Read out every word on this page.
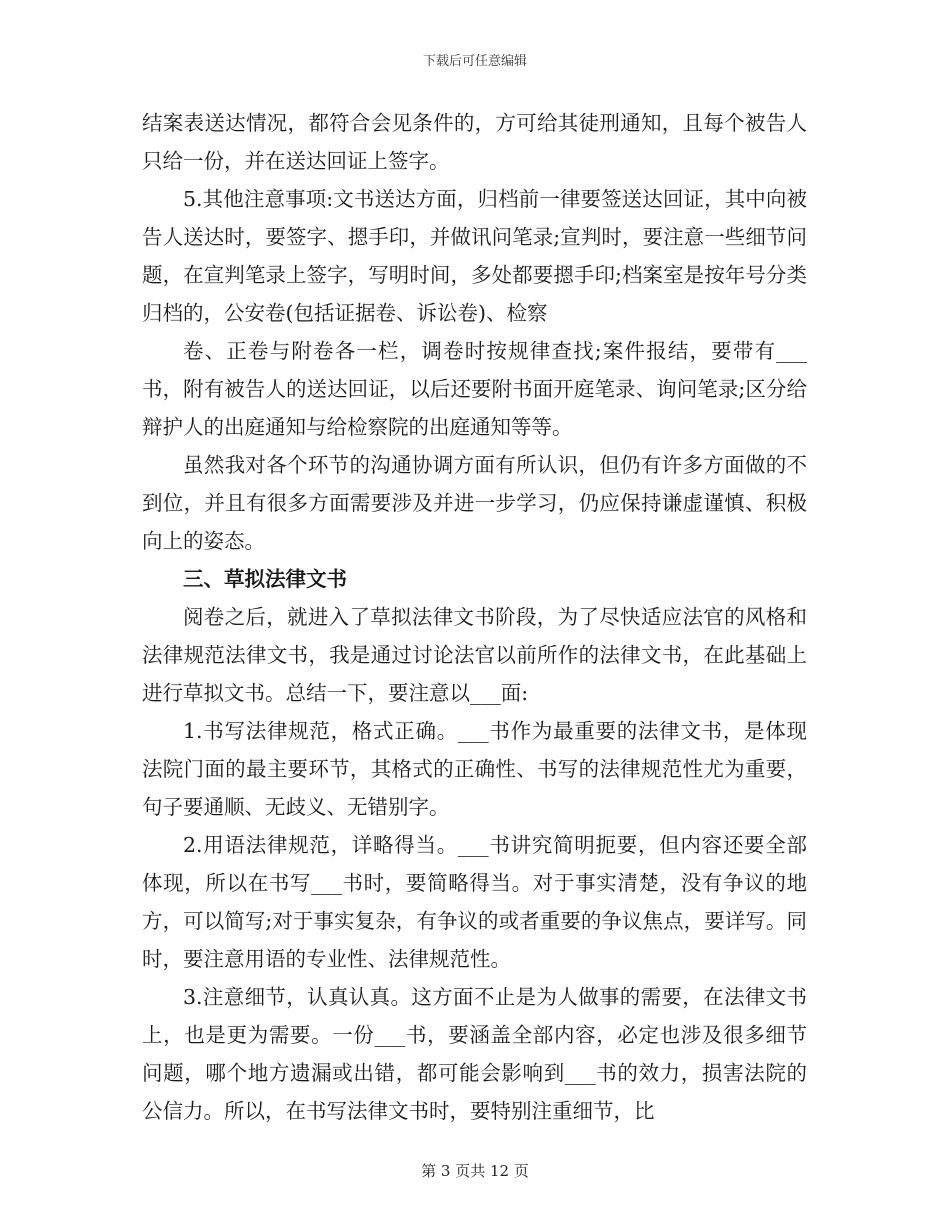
下载后可任意编辑

结案表送达情况，都符合会见条件的，方可给其徒刑通知，且每个被告人只给一份，并在送达回证上签字。

5.其他注意事项:文书送达方面，归档前一律要签送达回证，其中向被告人送达时，要签字、摁手印，并做讯问笔录;宣判时，要注意一些细节问题，在宣判笔录上签字，写明时间，多处都要摁手印;档案室是按年号分类归档的，公安卷(包括证据卷、诉讼卷)、检察

卷、正卷与附卷各一栏，调卷时按规律查找;案件报结，要带有___书，附有被告人的送达回证，以后还要附书面开庭笔录、询问笔录;区分给辩护人的出庭通知与给检察院的出庭通知等等。

虽然我对各个环节的沟通协调方面有所认识，但仍有许多方面做的不到位，并且有很多方面需要涉及并进一步学习，仍应保持谦虚谨慎、积极向上的姿态。

三、草拟法律文书

阅卷之后，就进入了草拟法律文书阶段，为了尽快适应法官的风格和法律规范法律文书，我是通过讨论法官以前所作的法律文书，在此基础上进行草拟文书。总结一下，要注意以___面:

1.书写法律规范，格式正确。___书作为最重要的法律文书，是体现法院门面的最主要环节，其格式的正确性、书写的法律规范性尤为重要，句子要通顺、无歧义、无错别字。

2.用语法律规范，详略得当。___书讲究简明扼要，但内容还要全部体现，所以在书写___书时，要简略得当。对于事实清楚，没有争议的地方，可以简写;对于事实复杂，有争议的或者重要的争议焦点，要详写。同时，要注意用语的专业性、法律规范性。

3.注意细节，认真认真。这方面不止是为人做事的需要，在法律文书上，也是更为需要。一份___书，要涵盖全部内容，必定也涉及很多细节问题，哪个地方遗漏或出错，都可能会影响到___书的效力，损害法院的公信力。所以，在书写法律文书时，要特别注重细节，比

第 3 页共 12 页
